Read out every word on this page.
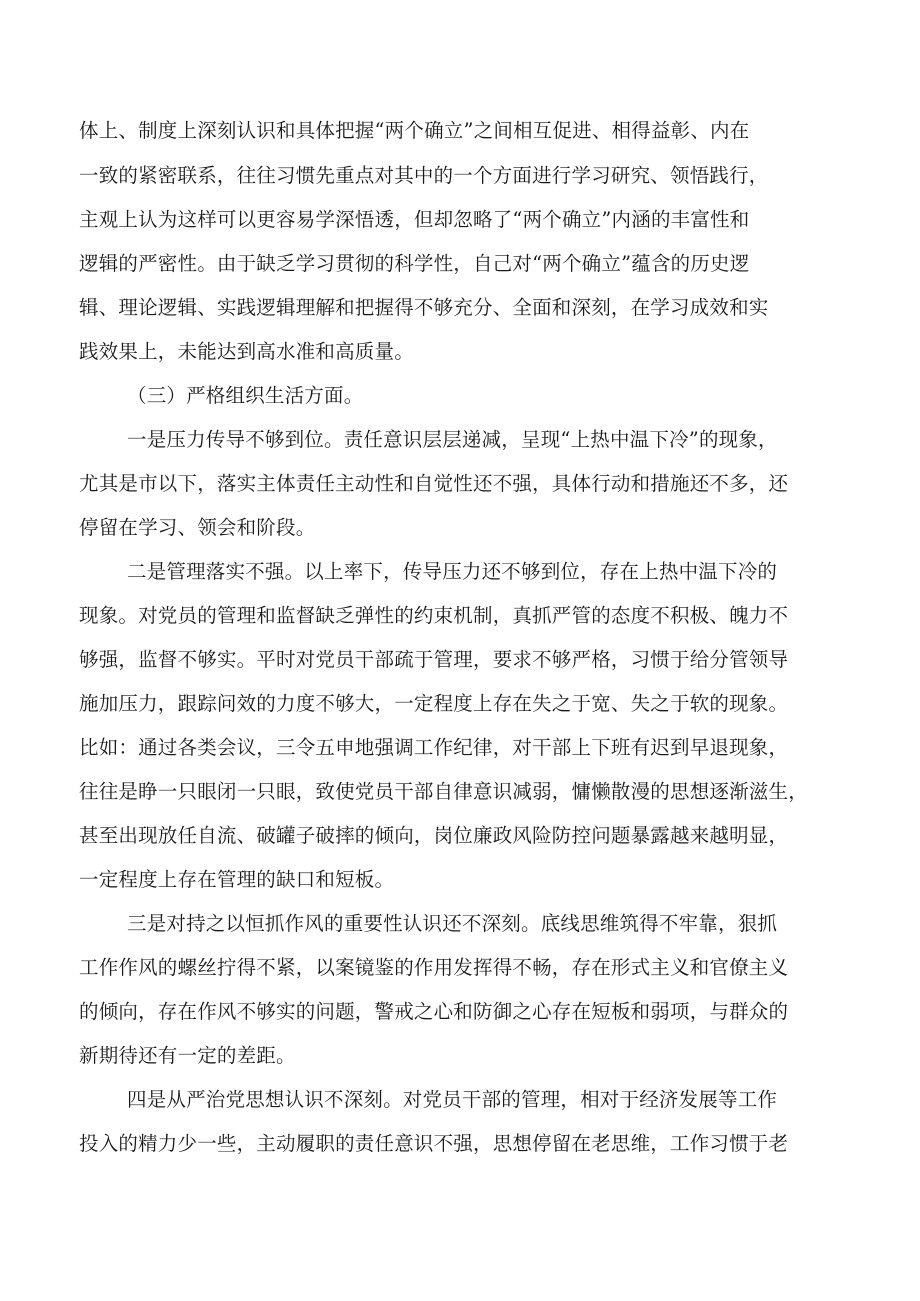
体上、制度上深刻认识和具体把握“两个确立”之间相互促进、相得益彰、内在
一致的紧密联系，往往习惯先重点对其中的一个方面进行学习研究、领悟践行，
主观上认为这样可以更容易学深悟透，但却忽略了“两个确立”内涵的丰富性和
逻辑的严密性。由于缺乏学习贯彻的科学性，自己对“两个确立”蕴含的历史逻
辑、理论逻辑、实践逻辑理解和把握得不够充分、全面和深刻，在学习成效和实
践效果上，未能达到高水准和高质量。
（三）严格组织生活方面。
一是压力传导不够到位。责任意识层层递减，呈现“上热中温下冷”的现象，
尤其是市以下，落实主体责任主动性和自觉性还不强，具体行动和措施还不多，还
停留在学习、领会和阶段。
二是管理落实不强。以上率下，传导压力还不够到位，存在上热中温下冷的
现象。对党员的管理和监督缺乏弹性的约束机制，真抓严管的态度不积极、魄力不
够强，监督不够实。平时对党员干部疏于管理，要求不够严格，习惯于给分管领导
施加压力，跟踪问效的力度不够大，一定程度上存在失之于宽、失之于软的现象。
比如：通过各类会议，三令五申地强调工作纪律，对干部上下班有迟到早退现象，
往往是睁一只眼闭一只眼，致使党员干部自律意识减弱，慵懒散漫的思想逐渐滋生，
甚至出现放任自流、破罐子破摔的倾向，岗位廉政风险防控问题暴露越来越明显，
一定程度上存在管理的缺口和短板。
三是对持之以恒抓作风的重要性认识还不深刻。底线思维筑得不牢靠，狠抓
工作作风的螺丝拧得不紧，以案镜鉴的作用发挥得不畅，存在形式主义和官僚主义
的倾向，存在作风不够实的问题，警戒之心和防御之心存在短板和弱项，与群众的
新期待还有一定的差距。
四是从严治党思想认识不深刻。对党员干部的管理，相对于经济发展等工作
投入的精力少一些，主动履职的责任意识不强，思想停留在老思维，工作习惯于老
